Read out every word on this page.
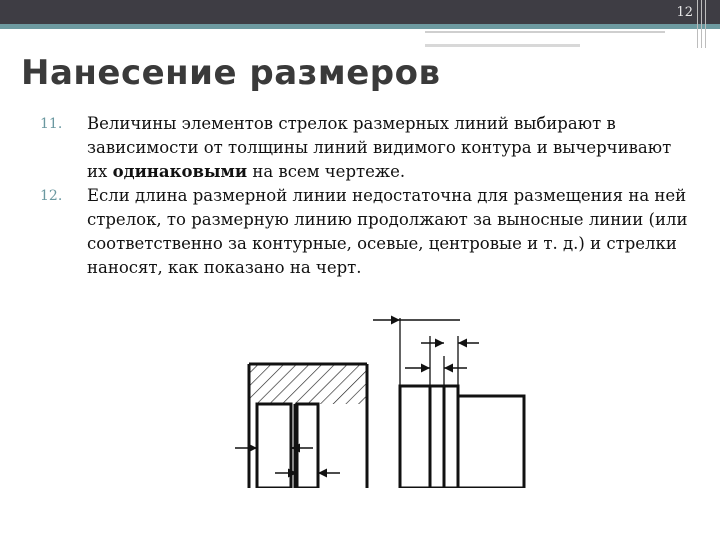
12
Нанесение размеров
11. Величины элементов стрелок размерных линий выбирают в зависимости от толщины линий видимого контура и вычерчивают их одинаковыми на всем чертеже.
12. Если длина размерной линии недостаточна для размещения на ней стрелок, то размерную линию продолжают за выносные линии (или соответственно за контурные, осевые, центровые и т. д.) и стрелки наносят, как показано на черт.
